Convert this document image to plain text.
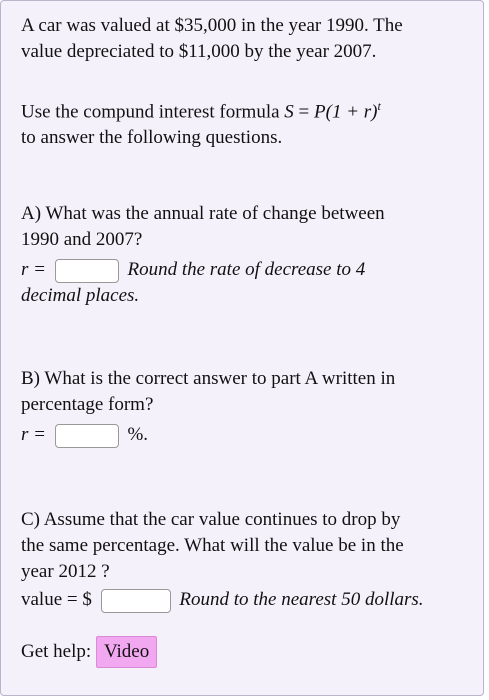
A car was valued at $35,000 in the year 1990. The
value depreciated to $11,000 by the year 2007.
Use the compund interest formula $S = P(1 + r)^t$
to answer the following questions.
A) What was the annual rate of change between
1990 and 2007?
r =	Round the rate of decrease to 4
decimal places.
B) What is the correct answer to part A written in
percentage form?
r =	%.
C) Assume that the car value continues to drop by
the same percentage. What will the value be in the
year 2012 ?
value = $	Round to the nearest 50 dollars.
Get help: Video
